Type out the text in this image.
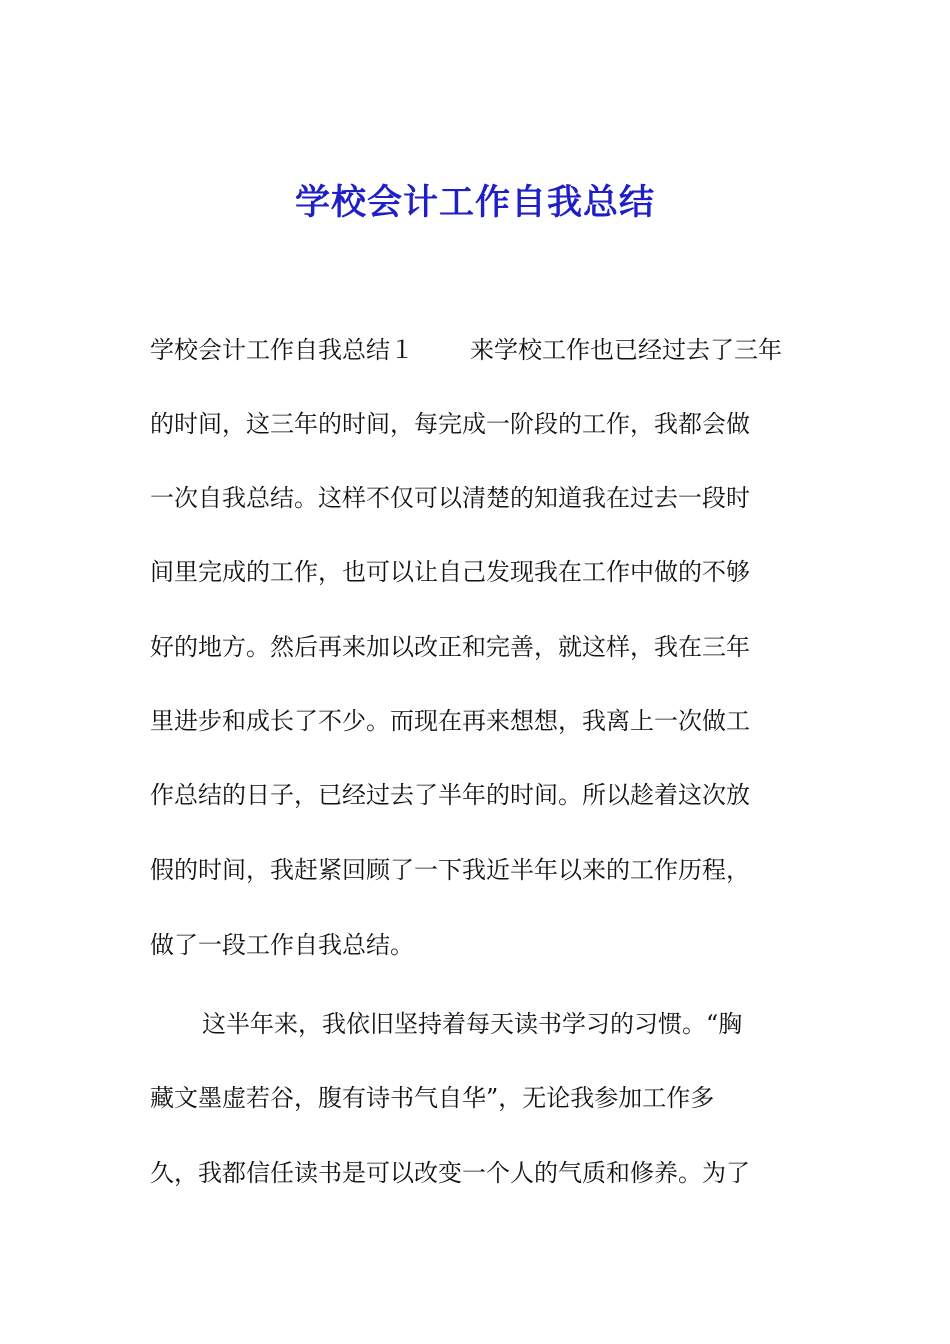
学校会计工作自我总结
学校会计工作自我总结１ 来学校工作也已经过去了三年
的时间，这三年的时间，每完成一阶段的工作，我都会做
一次自我总结。这样不仅可以清楚的知道我在过去一段时
间里完成的工作，也可以让自己发现我在工作中做的不够
好的地方。然后再来加以改正和完善，就这样，我在三年
里进步和成长了不少。而现在再来想想，我离上一次做工
作总结的日子，已经过去了半年的时间。所以趁着这次放
假的时间，我赶紧回顾了一下我近半年以来的工作历程，
做了一段工作自我总结。
这半年来，我依旧坚持着每天读书学习的习惯。“胸
藏文墨虚若谷，腹有诗书气自华”，无论我参加工作多
久，我都信任读书是可以改变一个人的气质和修养。为了
